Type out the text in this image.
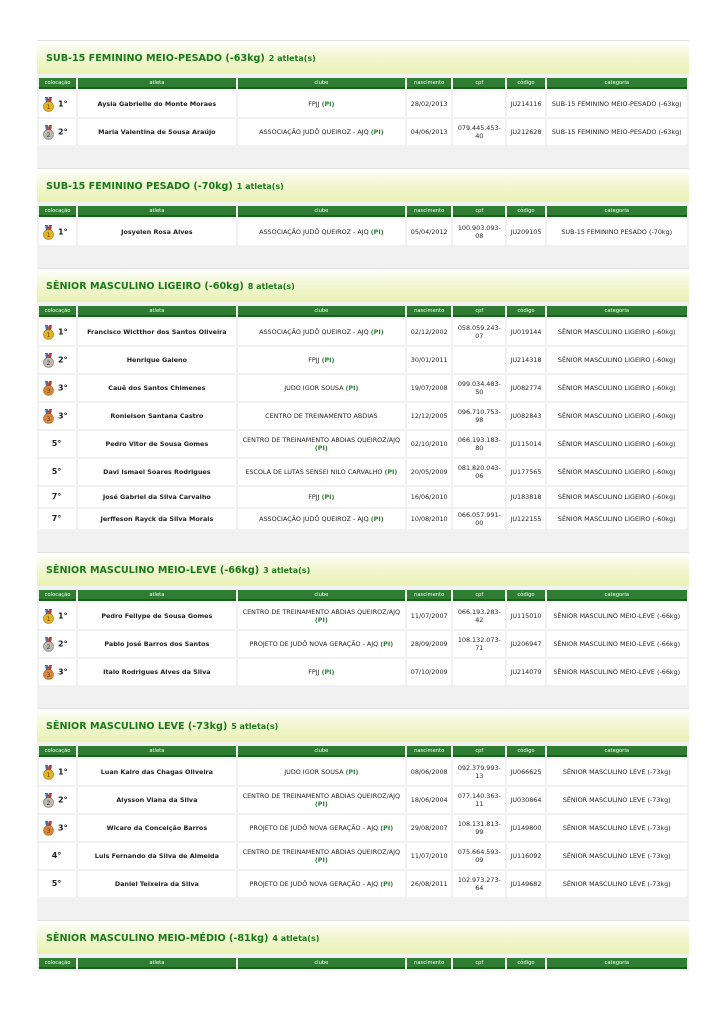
SUB-15 FEMININO MEIO-PESADO (-63kg) 2 atleta(s)
colocação	atleta	clube	nascimento	cpf	código	categoria

1 1°	Aysla Gabrielle do Monte Moraes	FPJJ (PI)	28/02/2013		JU214116	SUB-15 FEMININO MEIO-PESADO (-63kg)

2 2°	Maria Valentina de Sousa Araújo	ASSOCIAÇÃO JUDÔ QUEIROZ - AJQ (PI)	04/06/2013	079.445.453-40	JU212628	SUB-15 FEMININO MEIO-PESADO (-63kg)
SUB-15 FEMININO PESADO (-70kg) 1 atleta(s)
colocação	atleta	clube	nascimento	cpf	código	categoria

1 1°	Josyelen Rosa Alves	ASSOCIAÇÃO JUDÔ QUEIROZ - AJQ (PI)	05/04/2012	100.903.093-08	JU209105	SUB-15 FEMININO PESADO (-70kg)
SÊNIOR MASCULINO LIGEIRO (-60kg) 8 atleta(s)
colocação	atleta	clube	nascimento	cpf	código	categoria

1 1°	Francisco Wictthor dos Santos Oliveira	ASSOCIAÇÃO JUDÔ QUEIROZ - AJQ (PI)	02/12/2002	058.059.243-07	JU019144	SÊNIOR MASCULINO LIGEIRO (-60kg)

2 2°	Henrique Galeno	FPJJ (PI)	30/01/2011		JU214318	SÊNIOR MASCULINO LIGEIRO (-60kg)

3 3°	Cauê dos Santos Chimenes	JUDO IGOR SOUSA (PI)	19/07/2008	099.034.483-50	JU082774	SÊNIOR MASCULINO LIGEIRO (-60kg)

3 3°	Ronielson Santana Castro	CENTRO DE TREINAMENTO ABDIAS	12/12/2005	096.710.753-98	JU082843	SÊNIOR MASCULINO LIGEIRO (-60kg)
5°	Pedro Vitor de Sousa Gomes	CENTRO DE TREINAMENTO ABDIAS QUEIROZ/AJQ (PI)	02/10/2010	066.193.183-80	JU115014	SÊNIOR MASCULINO LIGEIRO (-60kg)
5°	Davi Ismael Soares Rodrigues	ESCOLA DE LUTAS SENSEI NILO CARVALHO (PI)	20/05/2009	081.820.043-06	JU177565	SÊNIOR MASCULINO LIGEIRO (-60kg)
7°	José Gabriel da Silva Carvalho	FPJJ (PI)	16/06/2010		JU183818	SÊNIOR MASCULINO LIGEIRO (-60kg)
7°	Jerffeson Rayck da Silva Morais	ASSOCIAÇÃO JUDÔ QUEIROZ - AJQ (PI)	10/08/2010	066.057.991-00	JU122155	SÊNIOR MASCULINO LIGEIRO (-60kg)
SÊNIOR MASCULINO MEIO-LEVE (-66kg) 3 atleta(s)
colocação	atleta	clube	nascimento	cpf	código	categoria

1 1°	Pedro Fellype de Sousa Gomes	CENTRO DE TREINAMENTO ABDIAS QUEIROZ/AJQ (PI)	11/07/2007	066.193.283-42	JU115010	SÊNIOR MASCULINO MEIO-LEVE (-66kg)

2 2°	Pablo José Barros dos Santos	PROJETO DE JUDÔ NOVA GERAÇÃO - AJQ (PI)	28/09/2009	108.132.073-71	JU206947	SÊNIOR MASCULINO MEIO-LEVE (-66kg)

3 3°	Italo Rodrigues Alves da Silva	FPJJ (PI)	07/10/2009		JU214079	SÊNIOR MASCULINO MEIO-LEVE (-66kg)
SÊNIOR MASCULINO LEVE (-73kg) 5 atleta(s)
colocação	atleta	clube	nascimento	cpf	código	categoria

1 1°	Luan Kairo das Chagas Oliveira	JUDO IGOR SOUSA (PI)	08/06/2008	092.379.993-13	JU066625	SÊNIOR MASCULINO LEVE (-73kg)

2 2°	Alysson Viana da Silva	CENTRO DE TREINAMENTO ABDIAS QUEIROZ/AJQ (PI)	18/06/2004	077.140.363-11	JU030864	SÊNIOR MASCULINO LEVE (-73kg)

3 3°	Wicaro da Conceição Barros	PROJETO DE JUDÔ NOVA GERAÇÃO - AJQ (PI)	29/08/2007	108.131.813-99	JU149800	SÊNIOR MASCULINO LEVE (-73kg)
4°	Luis Fernando da Silva de Almeida	CENTRO DE TREINAMENTO ABDIAS QUEIROZ/AJQ (PI)	11/07/2010	075.664.593-09	JU116092	SÊNIOR MASCULINO LEVE (-73kg)
5°	Daniel Teixeira da Silva	PROJETO DE JUDÔ NOVA GERAÇÃO - AJQ (PI)	26/08/2011	102.973.273-64	JU149682	SÊNIOR MASCULINO LEVE (-73kg)
SÊNIOR MASCULINO MEIO-MÉDIO (-81kg) 4 atleta(s)
colocação	atleta	clube	nascimento	cpf	código	categoria
